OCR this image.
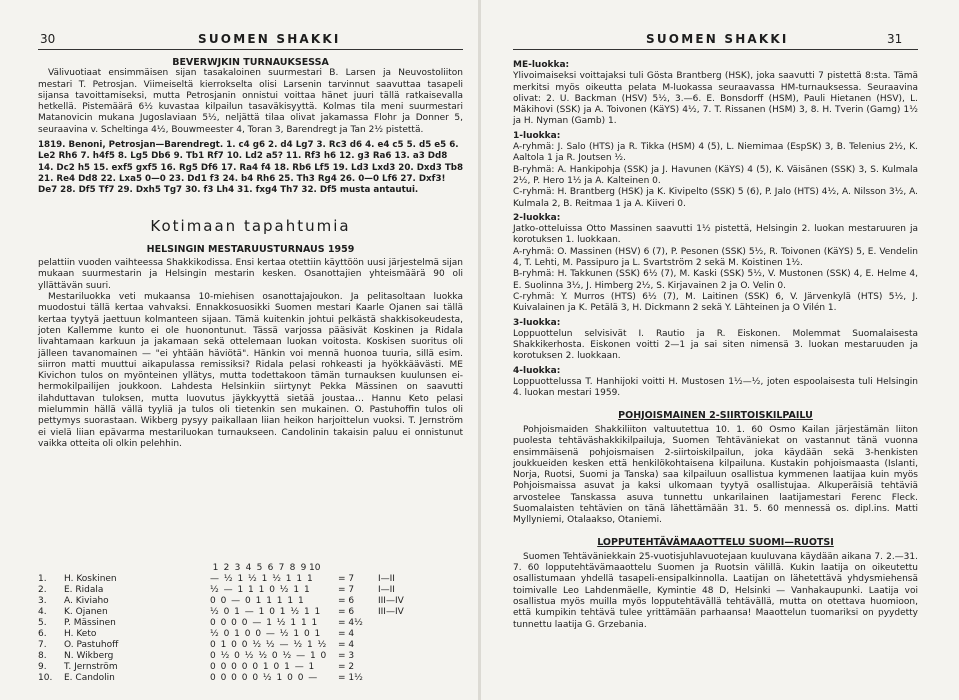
30	SUOMEN SHAKKI

BEVERWJKIN TURNAUKSESSA

Välivuotiaat ensimmäisen sijan tasakaloinen suurmestari B. Larsen ja Neuvostoliiton mestari T. Petrosjan. Viimeiseltä kierrokselta olisi Larsenin tarvinnut saavuttaa tasapeli sijansa tavoittamiseksi, mutta Petrosjanin onnistui voittaa hänet juuri tällä ratkaisevalla hetkellä. Pistemäärä 6½ kuvastaa kilpailun tasaväkisyyttä. Kolmas tila meni suurmestari Matanovicin mukana Jugoslaviaan 5½, neljättä tilaa olivat jakamassa Flohr ja Donner 5, seuraavina v. Scheltinga 4½, Bouwmeester 4, Toran 3, Barendregt ja Tan 2½ pistettä.

1819. Benoni, Petrosjan—Barendregt. 1. c4 g6 2. d4 Lg7 3. Rc3 d6 4. e4 c5 5. d5 e5 6. Le2 Rh6 7. h4f5 8. Lg5 Db6 9. Tb1 Rf7 10. Ld2 a5? 11. Rf3 h6 12. g3 Ra6 13. a3 Dd8 14. Dc2 h5 15. exf5 gxf5 16. Rg5 Df6 17. Ra4 f4 18. Rb6 Lf5 19. Ld3 Lxd3 20. Dxd3 Tb8 21. Re4 Dd8 22. Lxa5 0—0 23. Dd1 f3 24. b4 Rh6 25. Th3 Rg4 26. 0—0 Lf6 27. Dxf3! De7 28. Df5 Tf7 29. Dxh5 Tg7 30. f3 Lh4 31. fxg4 Th7 32. Df5 musta antautui.

Kotimaan tapahtumia

HELSINGIN MESTARUUSTURNAUS 1959

pelattiin vuoden vaihteessa Shakkikodissa. Ensi kertaa otettiin käyttöön uusi järjestelmä sijan mukaan suurmestarin ja Helsingin mestarin kesken. Osanottajien yhteismäärä 90 oli yllättävän suuri.

Mestariluokka veti mukaansa 10-miehisen osanottajajoukon. Ja pelitasoltaan luokka muodostui tällä kertaa vahvaksi. Ennakkosuosikki Suomen mestari Kaarle Ojanen sai tällä kertaa tyytyä jaettuun kolmanteen sijaan. Tämä kuitenkin johtui pelkästä shakkisokeudesta, joten Kallemme kunto ei ole huonontunut. Tässä varjossa pääsivät Koskinen ja Ridala livahtamaan karkuun ja jakamaan sekä ottelemaan luokan voitosta. Koskisen suoritus oli jälleen tavanomainen — "ei yhtään häviötä". Hänkin voi mennä huonoa tuuria, sillä esim. siirron matti muuttui aikapulassa remissiksi? Ridala pelasi rohkeasti ja hyökkäävästi. ME Kivichon tulos on myönteinen yllätys, mutta todettakoon tämän turnauksen kuulunsen ei-hermokilpailijen joukkoon. Lahdesta Helsinkiin siirtynyt Pekka Mässinen on saavutti ilahduttavan tuloksen, mutta luovutus jäykkyyttä sietää joustaa… Hannu Keto pelasi mielummin hällä vällä tyyliä ja tulos oli tietenkin sen mukainen. O. Pastuhoffin tulos oli pettymys suorastaan. Wikberg pysyy paikallaan liian heikon harjoittelun vuoksi. T. Jernström ei vielä liian epävarma mestariluokan turnaukseen. Candolinin takaisin paluu ei onnistunut vaikka otteita oli olkin pelehhin.

		1 2 3 4 5 6 7 8 9 10		
1.	H. Koskinen	— ½ 1 ½ 1 ½ 1 1 1	= 7	I—II
2.	E. Ridala	½ — 1 1 1 0 ½ 1 1	= 7	I—II
3.	A. Kiviaho	0 0 — 0 1 1 1 1 1	= 6	III—IV
4.	K. Ojanen	½ 0 1 — 1 0 1 ½ 1 1	= 6	III—IV
5.	P. Mässinen	0 0 0 0 — 1 ½ 1 1 1	= 4½	
6.	H. Keto	½ 0 1 0 0 — ½ 1 0 1	= 4	
7.	O. Pastuhoff	0 1 0 0 ½ ½ — ½ 1 ½	= 4	
8.	N. Wikberg	0 ½ 0 ½ ½ 0 ½ — 1 0	= 3	
9.	T. Jernström	0 0 0 0 0 1 0 1 — 1	= 2	
10.	E. Candolin	0 0 0 0 0 ½ 1 0 0 —	= 1½	
SUOMEN SHAKKI	31

ME-luokka:

Ylivoimaiseksi voittajaksi tuli Gösta Brantberg (HSK), joka saavutti 7 pistettä 8:sta. Tämä merkitsi myös oikeutta pelata M-luokassa seuraavassa HM-turnauksessa. Seuraavina olivat: 2. U. Backman (HSV) 5½, 3.—6. E. Bonsdorff (HSM), Pauli Hietanen (HSV), L. Mäkihovi (SSK) ja A. Toivonen (KäYS) 4½, 7. T. Rissanen (HSM) 3, 8. H. Tverin (Gamg) 1½ ja H. Nyman (Gamb) 1.

1-luokka:

A-ryhmä: J. Salo (HTS) ja R. Tikka (HSM) 4 (5), L. Niemimaa (EspSK) 3, B. Telenius 2½, K. Aaltola 1 ja R. Joutsen ½.

B-ryhmä: A. Hankipohja (SSK) ja J. Havunen (KäYS) 4 (5), K. Väisänen (SSK) 3, S. Kulmala 2½, P. Hero 1½ ja A. Kalteinen 0.

C-ryhmä: H. Brantberg (HSK) ja K. Kivipelto (SSK) 5 (6), P. Jalo (HTS) 4½, A. Nilsson 3½, A. Kulmala 2, B. Reitmaa 1 ja A. Kiiveri 0.

2-luokka:

Jatko-otteluissa Otto Massinen saavutti 1½ pistettä, Helsingin 2. luokan mestaruuren ja korotuksen 1. luokkaan.

A-ryhmä: O. Massinen (HSV) 6 (7), P. Pesonen (SSK) 5½, R. Toivonen (KäYS) 5, E. Vendelin 4, T. Lehti, M. Passipuro ja L. Svartström 2 sekä M. Koistinen 1½.

B-ryhmä: H. Takkunen (SSK) 6½ (7), M. Kaski (SSK) 5½, V. Mustonen (SSK) 4, E. Helme 4, E. Suolinna 3½, J. Himberg 2½, S. Kirjavainen 2 ja O. Velin 0.

C-ryhmä: Y. Murros (HTS) 6½ (7), M. Laitinen (SSK) 6, V. Järvenkylä (HTS) 5½, J. Kuivalainen ja K. Petälä 3, H. Dickmann 2 sekä Y. Lähteinen ja O Vilén 1.

3-luokka:

Loppuottelun selvisivät I. Rautio ja R. Eiskonen. Molemmat Suomalaisesta Shakkikerhosta. Eiskonen voitti 2—1 ja sai siten nimensä 3. luokan mestaruuden ja korotuksen 2. luokkaan.

4-luokka:

Loppuottelussa T. Hanhijoki voitti H. Mustosen 1½—½, joten espoolaisesta tuli Helsingin 4. luokan mestari 1959.

POHJOISMAINEN 2-SIIRTOISKILPAILU

Pohjoismaiden Shakkiliiton valtuutettua 10. 1. 60 Osmo Kailan järjestämän liiton puolesta tehtäväshakkikilpailuja, Suomen Tehtäväniekat on vastannut tänä vuonna ensimmäisenä pohjoismaisen 2-siirtoiskilpailun, joka käydään sekä 3-henkisten joukkueiden kesken että henkilökohtaisena kilpailuna. Kustakin pohjoismaasta (Islanti, Norja, Ruotsi, Suomi ja Tanska) saa kilpailuun osallistua kymmenen laatijaa kuin myös Pohjoismaissa asuvat ja kaksi ulkomaan tyytyä osallistujaa. Alkuperäisiä tehtäviä arvostelee Tanskassa asuva tunnettu unkarilainen laatijamestari Ferenc Fleck. Suomalaisten tehtävien on tänä lähettämään 31. 5. 60 mennessä os. dipl.ins. Matti Myllyniemi, Otalaakso, Otaniemi.

LOPPUTEHTÄVÄMAAOTTELU SUOMI—RUOTSI

Suomen Tehtäväniekkain 25-vuotisjuhlavuotejaan kuuluvana käydään aikana 7. 2.—31. 7. 60 lopputehtävämaaottelu Suomen ja Ruotsin välillä. Kukin laatija on oikeutettu osallistumaan yhdellä tasapeli-ensipalkinnolla. Laatijan on lähetettävä yhdysmiehensä toimivalle Leo Lahdenmäelle, Kymintie 48 D, Helsinki — Vanhakaupunki. Laatija voi osallistua myös muilla myös lopputehtävällä tehtävällä, mutta on otettava huomioon, että kumpikin tehtävä tulee yrittämään parhaansa! Maaottelun tuomariksi on pyydetty tunnettu laatija G. Grzebania.
